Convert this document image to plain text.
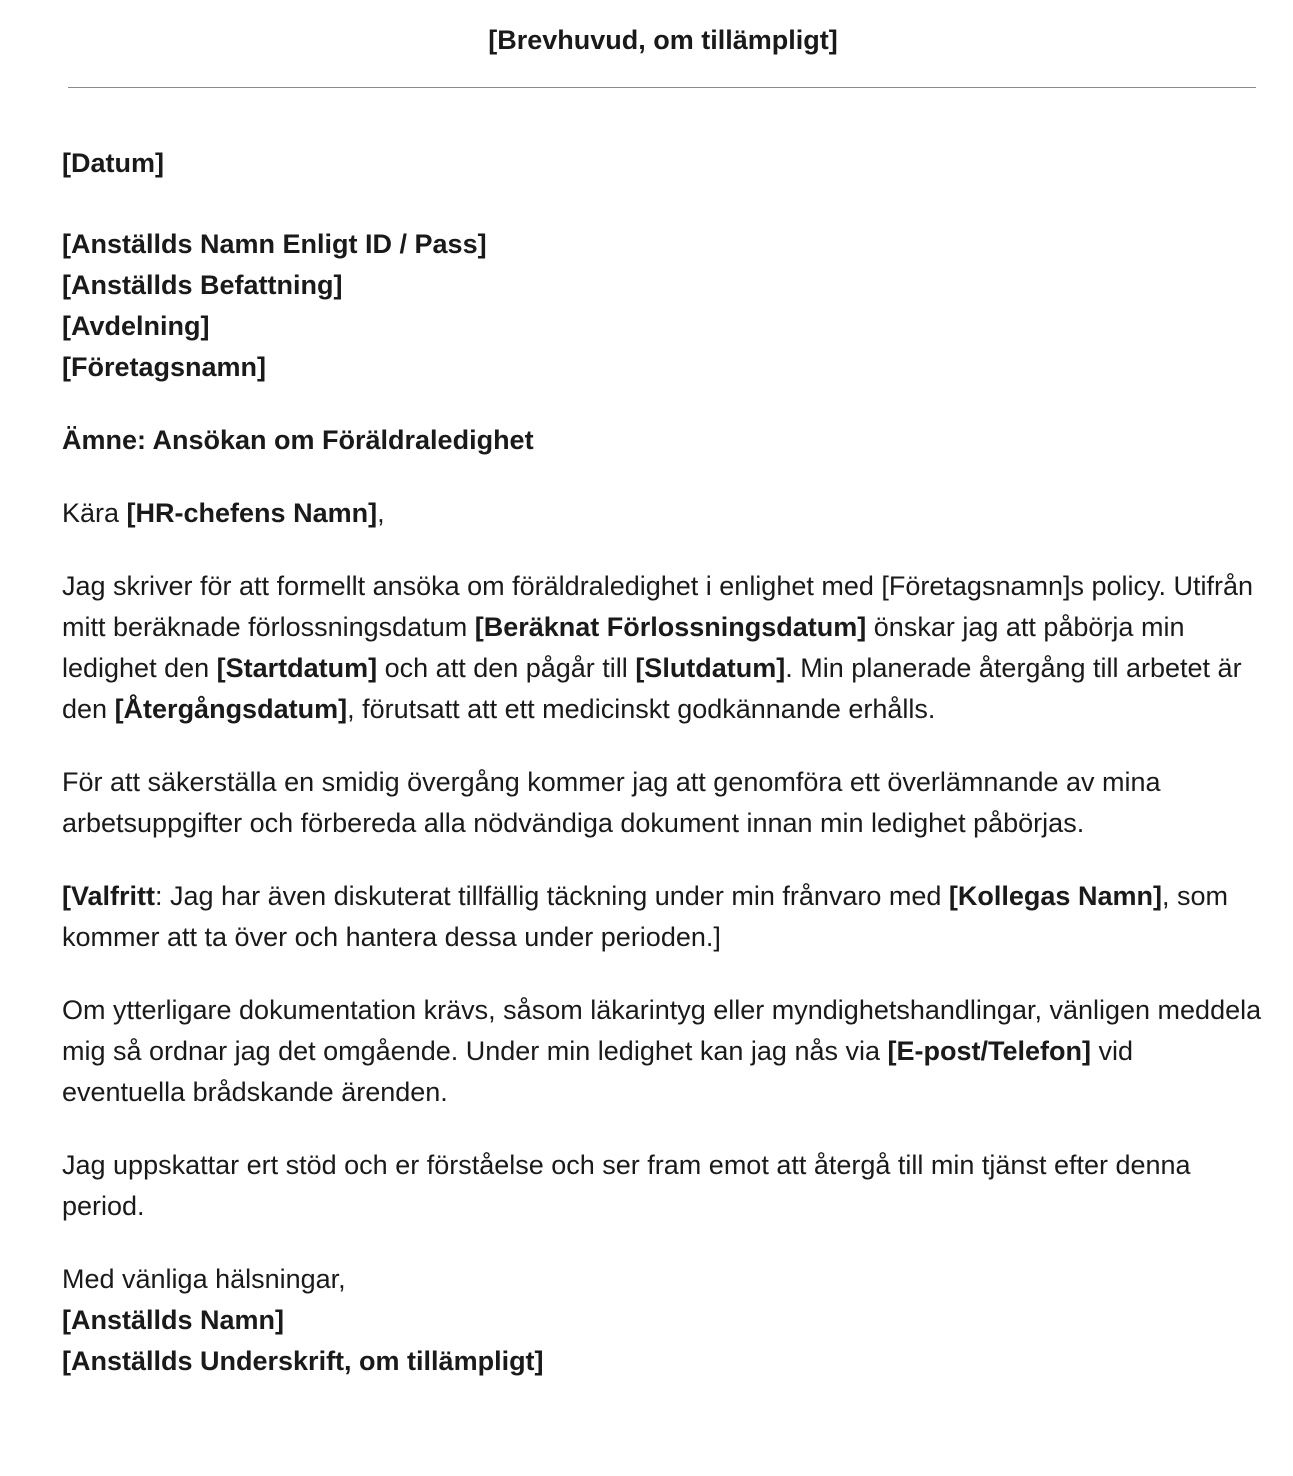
[Brevhuvud, om tillämpligt]

[Datum]

[Anställds Namn Enligt ID / Pass]
[Anställds Befattning]
[Avdelning]
[Företagsnamn]

Ämne: Ansökan om Föräldraledighet

Kära [HR-chefens Namn],

Jag skriver för att formellt ansöka om föräldraledighet i enlighet med [Företagsnamn]s policy. Utifrån mitt beräknade förlossningsdatum [Beräknat Förlossningsdatum] önskar jag att påbörja min ledighet den [Startdatum] och att den pågår till [Slutdatum]. Min planerade återgång till arbetet är den [Återgångsdatum], förutsatt att ett medicinskt godkännande erhålls.

För att säkerställa en smidig övergång kommer jag att genomföra ett överlämnande av mina arbetsuppgifter och förbereda alla nödvändiga dokument innan min ledighet påbörjas.

[Valfritt: Jag har även diskuterat tillfällig täckning under min frånvaro med [Kollegas Namn], som kommer att ta över och hantera dessa under perioden.]

Om ytterligare dokumentation krävs, såsom läkarintyg eller myndighetshandlingar, vänligen meddela mig så ordnar jag det omgående. Under min ledighet kan jag nås via [E-post/Telefon] vid eventuella brådskande ärenden.

Jag uppskattar ert stöd och er förståelse och ser fram emot att återgå till min tjänst efter denna period.

Med vänliga hälsningar,
[Anställds Namn]
[Anställds Underskrift, om tillämpligt]
